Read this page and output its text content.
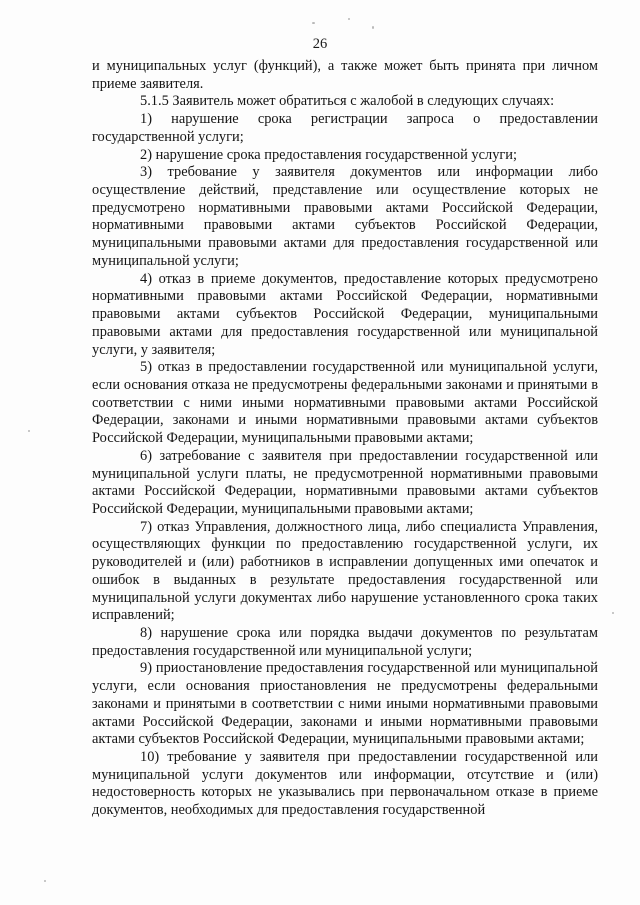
26

и муниципальных услуг (функций), а также может быть принята при личном приеме заявителя.

5.1.5 Заявитель может обратиться с жалобой в следующих случаях:

1) нарушение срока регистрации запроса о предоставлении государственной услуги;

2) нарушение срока предоставления государственной услуги;

3) требование у заявителя документов или информации либо осуществление действий, представление или осуществление которых не предусмотрено нормативными правовыми актами Российской Федерации, нормативными правовыми актами субъектов Российской Федерации, муниципальными правовыми актами для предоставления государственной или муниципальной услуги;

4) отказ в приеме документов, предоставление которых предусмотрено нормативными правовыми актами Российской Федерации, нормативными правовыми актами субъектов Российской Федерации, муниципальными правовыми актами для предоставления государственной или муниципальной услуги, у заявителя;

5) отказ в предоставлении государственной или муниципальной услуги, если основания отказа не предусмотрены федеральными законами и принятыми в соответствии с ними иными нормативными правовыми актами Российской Федерации, законами и иными нормативными правовыми актами субъектов Российской Федерации, муниципальными правовыми актами;

6) затребование с заявителя при предоставлении государственной или муниципальной услуги платы, не предусмотренной нормативными правовыми актами Российской Федерации, нормативными правовыми актами субъектов Российской Федерации, муниципальными правовыми актами;

7) отказ Управления, должностного лица, либо специалиста Управления, осуществляющих функции по предоставлению государственной услуги, их руководителей и (или) работников в исправлении допущенных ими опечаток и ошибок в выданных в результате предоставления государственной или муниципальной услуги документах либо нарушение установленного срока таких исправлений;

8) нарушение срока или порядка выдачи документов по результатам предоставления государственной или муниципальной услуги;

9) приостановление предоставления государственной или муниципальной услуги, если основания приостановления не предусмотрены федеральными законами и принятыми в соответствии с ними иными нормативными правовыми актами Российской Федерации, законами и иными нормативными правовыми актами субъектов Российской Федерации, муниципальными правовыми актами;

10) требование у заявителя при предоставлении государственной или муниципальной услуги документов или информации, отсутствие и (или) недостоверность которых не указывались при первоначальном отказе в приеме документов, необходимых для предоставления государственной
